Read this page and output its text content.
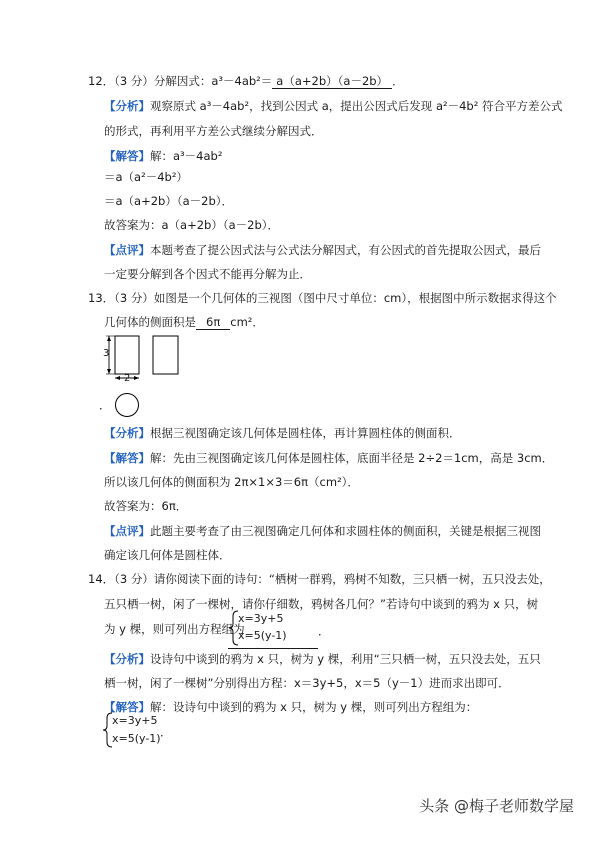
12．（3 分）分解因式：a³－4ab²＝ a（a+2b）（a－2b） ．
【分析】观察原式 a³－4ab²，找到公因式 a，提出公因式后发现 a²－4b² 符合平方差公式
的形式，再利用平方差公式继续分解因式．
【解答】解：a³－4ab²
＝a（a²－4b²）
＝a（a+2b）（a－2b）．
故答案为：a（a+2b）（a－2b）．
【点评】本题考查了提公因式法与公式法分解因式，有公因式的首先提取公因式，最后
一定要分解到各个因式不能再分解为止．
13．（3 分）如图是一个几何体的三视图（图中尺寸单位：cm），根据图中所示数据求得这个
几何体的侧面积是 6π cm²．
3
2
．
【分析】根据三视图确定该几何体是圆柱体，再计算圆柱体的侧面积．
【解答】解：先由三视图确定该几何体是圆柱体，底面半径是 2÷2＝1cm，高是 3cm．
所以该几何体的侧面积为 2π×1×3＝6π（cm²）．
故答案为：6π．
【点评】此题主要考查了由三视图确定几何体和求圆柱体的侧面积，关键是根据三视图
确定该几何体是圆柱体．
14．（3 分）请你阅读下面的诗句：“栖树一群鸦，鸦树不知数，三只栖一树，五只没去处，
五只栖一树，闲了一棵树，请你仔细数，鸦树各几何？”若诗句中谈到的鸦为 x 只，树
为 y 棵，则可列出方程组为
x=3y+5
x=5(y-1)	．
【分析】设诗句中谈到的鸦为 x 只，树为 y 棵，利用“三只栖一树，五只没去处，五只
栖一树，闲了一棵树”分别得出方程：x＝3y+5，x＝5（y－1）进而求出即可．
【解答】解：设诗句中谈到的鸦为 x 只，树为 y 棵，则可列出方程组为：
x=3y+5
x=5(y-1) ．
头条 @梅子老师数学屋
